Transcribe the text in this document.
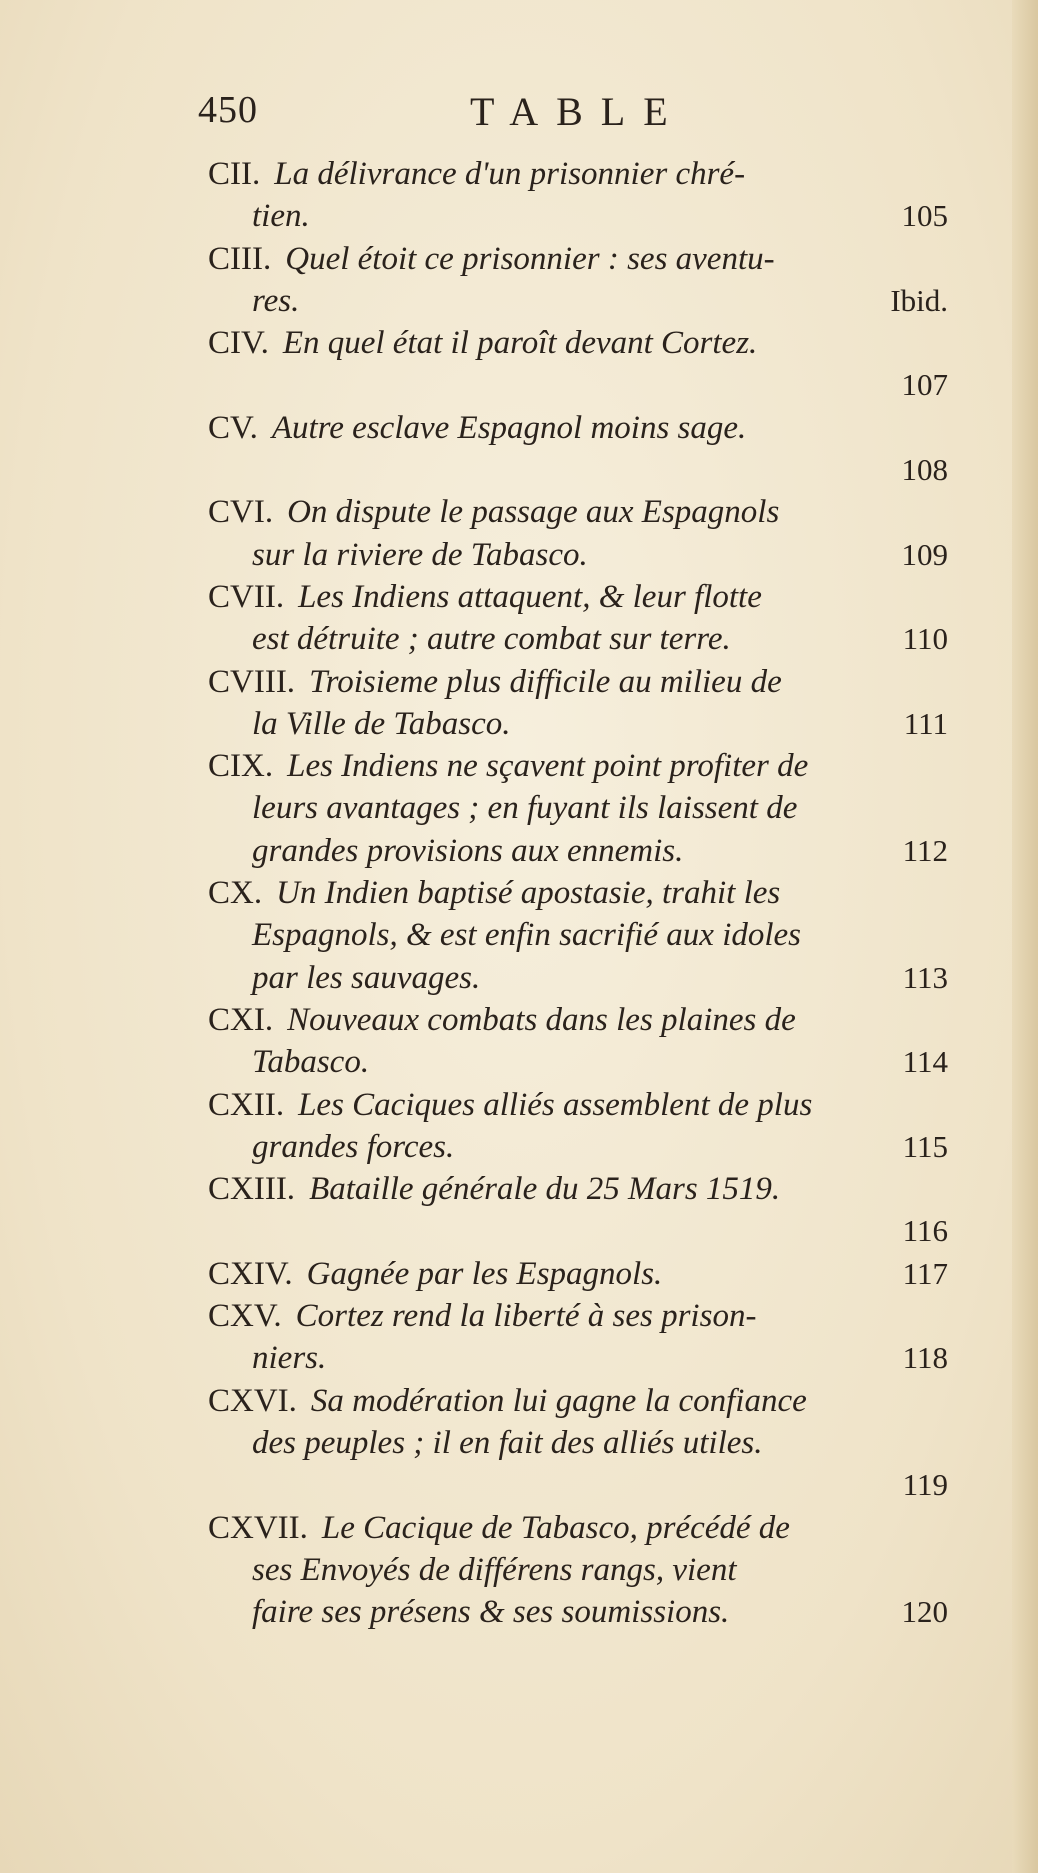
450	TABLE
CII. La délivrance d'un prisonnier chré-
tien.	105
CIII. Quel étoit ce prisonnier : ses aventu-
res.	Ibid.
CIV. En quel état il paroît devant Cortez.
107
CV. Autre esclave Espagnol moins sage.
108
CVI. On dispute le passage aux Espagnols
sur la riviere de Tabasco.	109
CVII. Les Indiens attaquent, & leur flotte
est détruite ; autre combat sur terre.	110
CVIII. Troisieme plus difficile au milieu de
la Ville de Tabasco.	111
CIX. Les Indiens ne sçavent point profiter de
leurs avantages ; en fuyant ils laissent de
grandes provisions aux ennemis.	112
CX. Un Indien baptisé apostasie, trahit les
Espagnols, & est enfin sacrifié aux idoles
par les sauvages.	113
CXI. Nouveaux combats dans les plaines de
Tabasco.	114
CXII. Les Caciques alliés assemblent de plus
grandes forces.	115
CXIII. Bataille générale du 25 Mars 1519.
116
CXIV. Gagnée par les Espagnols.	117
CXV. Cortez rend la liberté à ses prison-
niers.	118
CXVI. Sa modération lui gagne la confiance
des peuples ; il en fait des alliés utiles.
119
CXVII. Le Cacique de Tabasco, précédé de
ses Envoyés de différens rangs, vient
faire ses présens & ses soumissions.	120
